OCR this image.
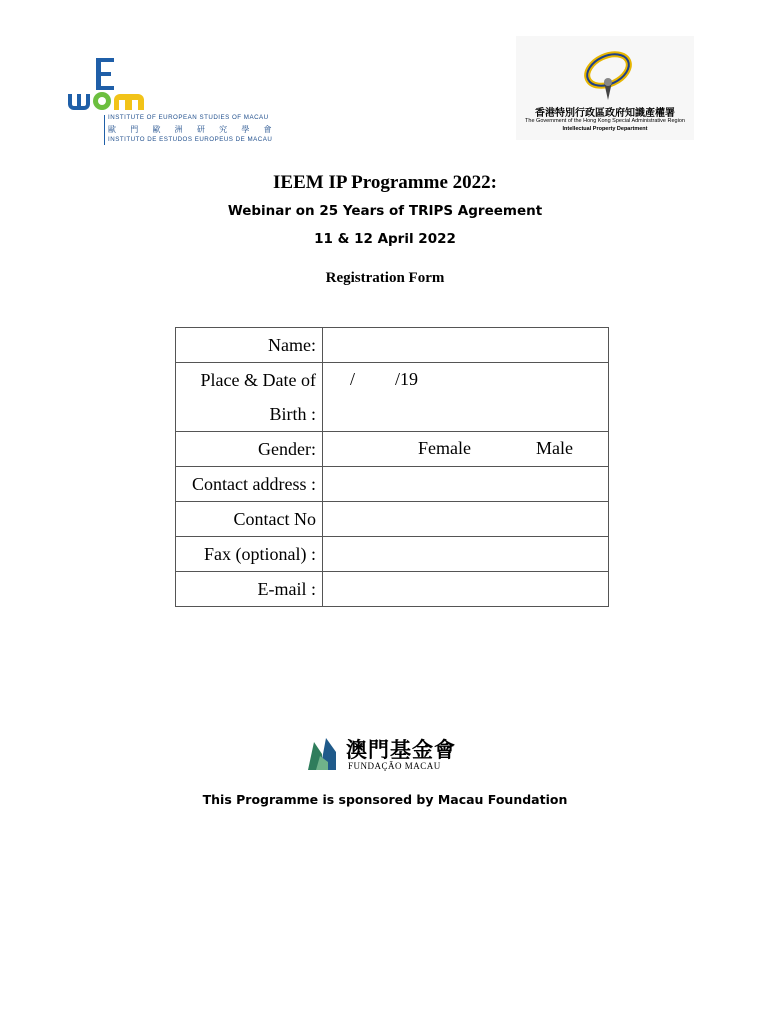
INSTITUTE OF EUROPEAN STUDIES OF MACAU
歐 門 歐 洲 研 究 學 會
INSTITUTO DE ESTUDOS EUROPEUS DE MACAU
香港特別行政區政府知識產權署
The Government of the Hong Kong Special Administrative Region
Intellectual Property Department
IEEM IP Programme 2022:
Webinar on 25 Years of TRIPS Agreement
11 & 12 April 2022
Registration Form
Name:	

Place & Date of
Birth :	/ /19

Gender:	Female Male

Contact address :	
Contact No	
Fax (optional) :	
E-mail :	
澳門基金會
FUNDAÇÃO MACAU
This Programme is sponsored by Macau Foundation
